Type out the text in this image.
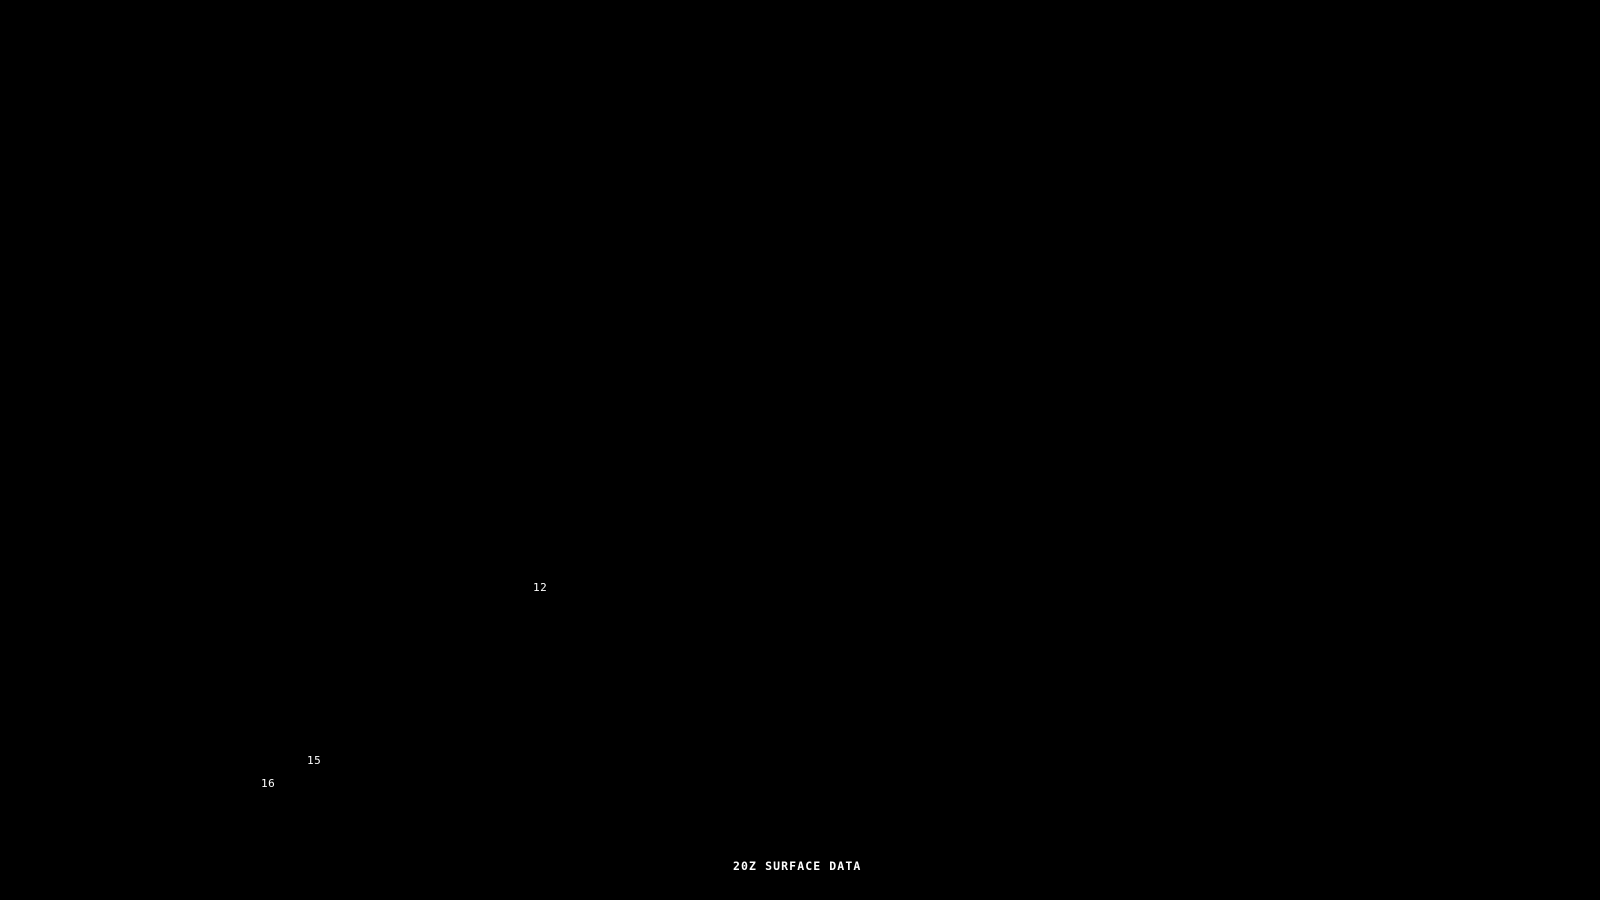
12
15
16
20Z SURFACE DATA
